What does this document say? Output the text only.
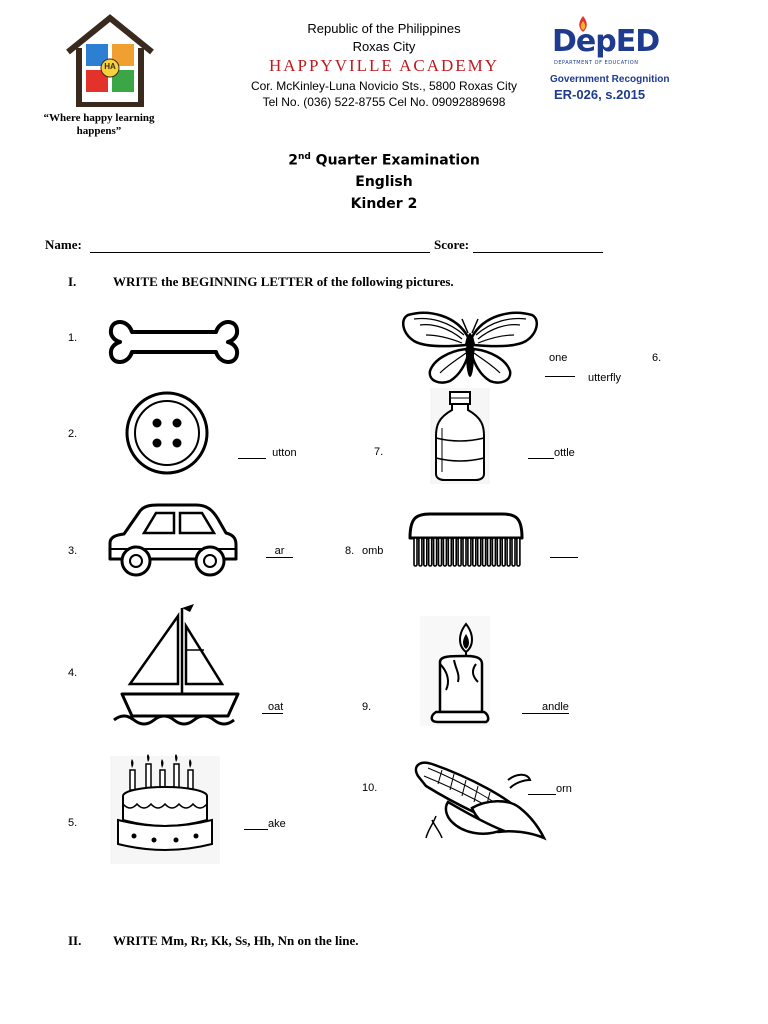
HA
“Where happy learning happens”
Republic of the Philippines
Roxas City
HAPPYVILLE ACADEMY
Cor. McKinley-Luna Novicio Sts., 5800 Roxas City
Tel No. (036) 522-8755 Cel No. 09092889698
DepED
DEPARTMENT OF EDUCATION
Government Recognition
ER-026, s.2015
2nd Quarter Examination
English
Kinder 2
Name:	Score:
I.	WRITE the BEGINNING LETTER of the following pictures.
1.
2.
utton
3.	ar
4.
oat
5.	ake
one	6.
utterfly
7.	ottle
8. omb
9.	andle
10.	orn
II. WRITE Mm, Rr, Kk, Ss, Hh, Nn on the line.
